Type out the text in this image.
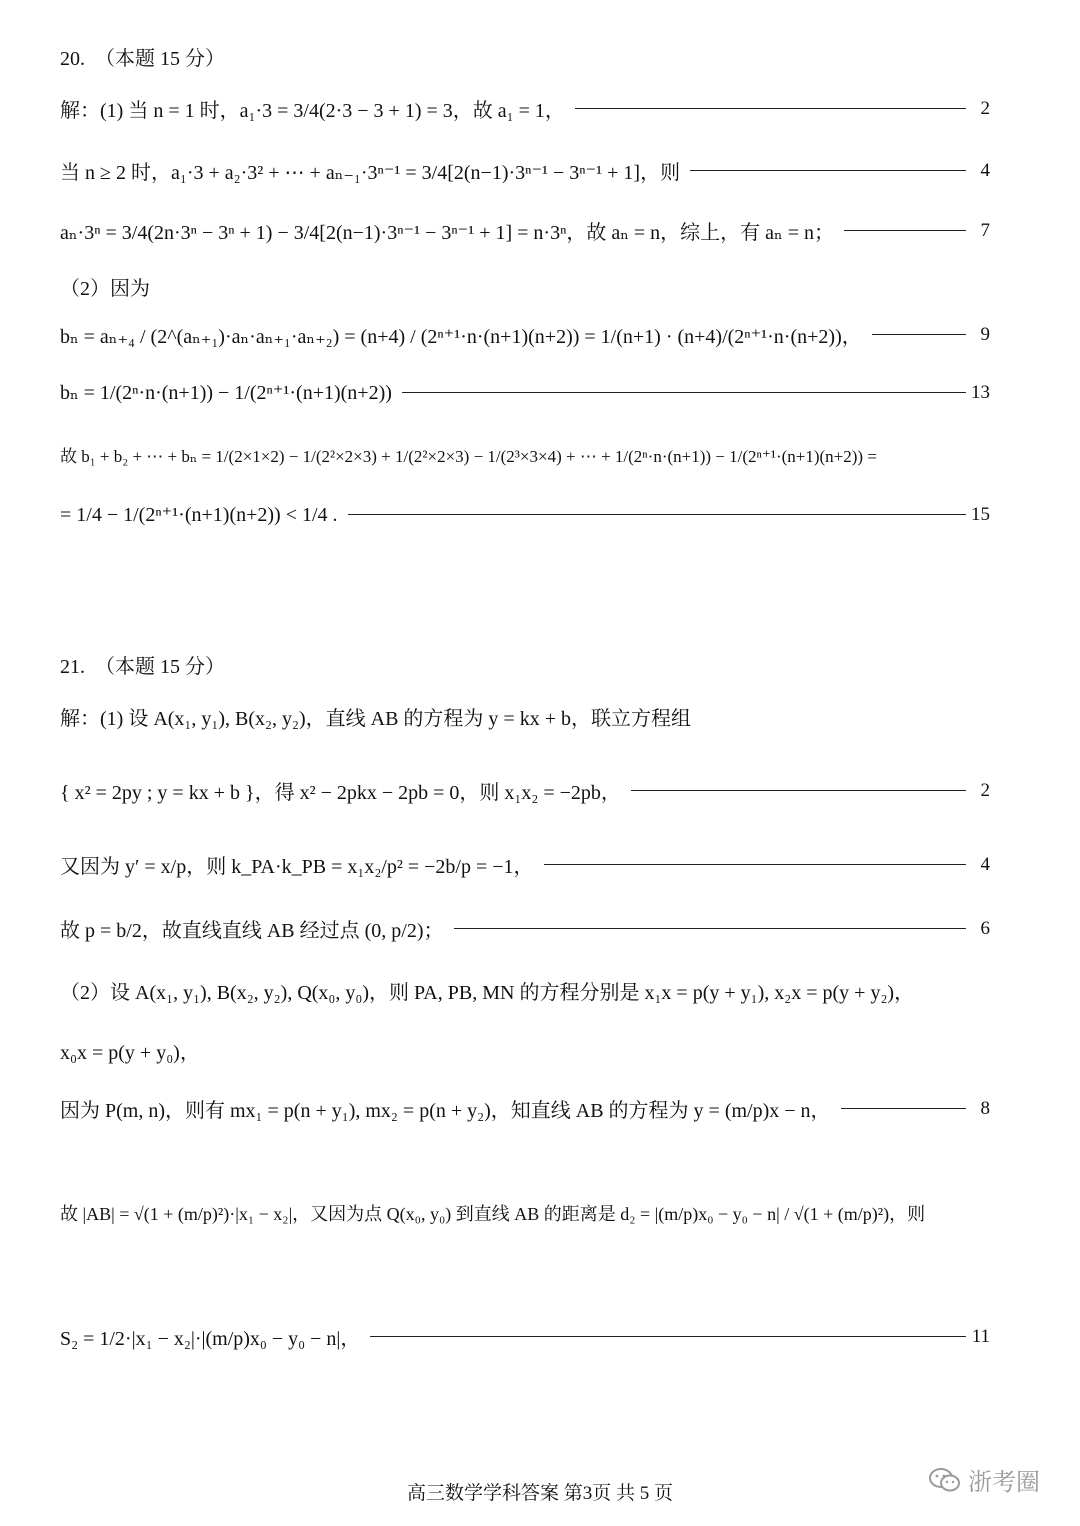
20.　（本题 15 分）
解：(1) 当 n = 1 时，a₁·3 = 3/4(2·3 − 3 + 1) = 3，故 a₁ = 1，	2
当 n ≥ 2 时，a₁·3 + a₂·3² + ⋯ + aₙ₋₁·3ⁿ⁻¹ = 3/4[2(n−1)·3ⁿ⁻¹ − 3ⁿ⁻¹ + 1]，则	4
aₙ·3ⁿ = 3/4(2n·3ⁿ − 3ⁿ + 1) − 3/4[2(n−1)·3ⁿ⁻¹ − 3ⁿ⁻¹ + 1] = n·3ⁿ，故 aₙ = n，综上，有 aₙ = n；	7
（2）因为
bₙ = aₙ₊₄ / (2^(aₙ₊₁)·aₙ·aₙ₊₁·aₙ₊₂) = (n+4) / (2ⁿ⁺¹·n·(n+1)(n+2)) = 1/(n+1) · (n+4)/(2ⁿ⁺¹·n·(n+2))，	9
bₙ = 1/(2ⁿ·n·(n+1)) − 1/(2ⁿ⁺¹·(n+1)(n+2))	13
故 b₁ + b₂ + ⋯ + bₙ = 1/(2×1×2) − 1/(2²×2×3) + 1/(2²×2×3) − 1/(2³×3×4) + ⋯ + 1/(2ⁿ·n·(n+1)) − 1/(2ⁿ⁺¹·(n+1)(n+2)) =
= 1/4 − 1/(2ⁿ⁺¹·(n+1)(n+2)) < 1/4 .	15
21.　（本题 15 分）
解：(1) 设 A(x₁, y₁), B(x₂, y₂)，直线 AB 的方程为 y = kx + b，联立方程组
{ x² = 2py ; y = kx + b }，得 x² − 2pkx − 2pb = 0，则 x₁x₂ = −2pb，	2
又因为 y′ = x/p，则 k_PA·k_PB = x₁x₂/p² = −2b/p = −1，	4
故 p = b/2，故直线直线 AB 经过点 (0, p/2)；	6
（2）设 A(x₁, y₁), B(x₂, y₂), Q(x₀, y₀)，则 PA, PB, MN 的方程分别是 x₁x = p(y + y₁), x₂x = p(y + y₂)，
x₀x = p(y + y₀)，
因为 P(m, n)，则有 mx₁ = p(n + y₁), mx₂ = p(n + y₂)，知直线 AB 的方程为 y = (m/p)x − n，	8
故 |AB| = √(1 + (m/p)²)·|x₁ − x₂|，又因为点 Q(x₀, y₀) 到直线 AB 的距离是 d₂ = |(m/p)x₀ − y₀ − n| / √(1 + (m/p)²)，则
S₂ = 1/2·|x₁ − x₂|·|(m/p)x₀ − y₀ − n|，	11
高三数学学科答案 第3页 共 5 页	浙考圈
